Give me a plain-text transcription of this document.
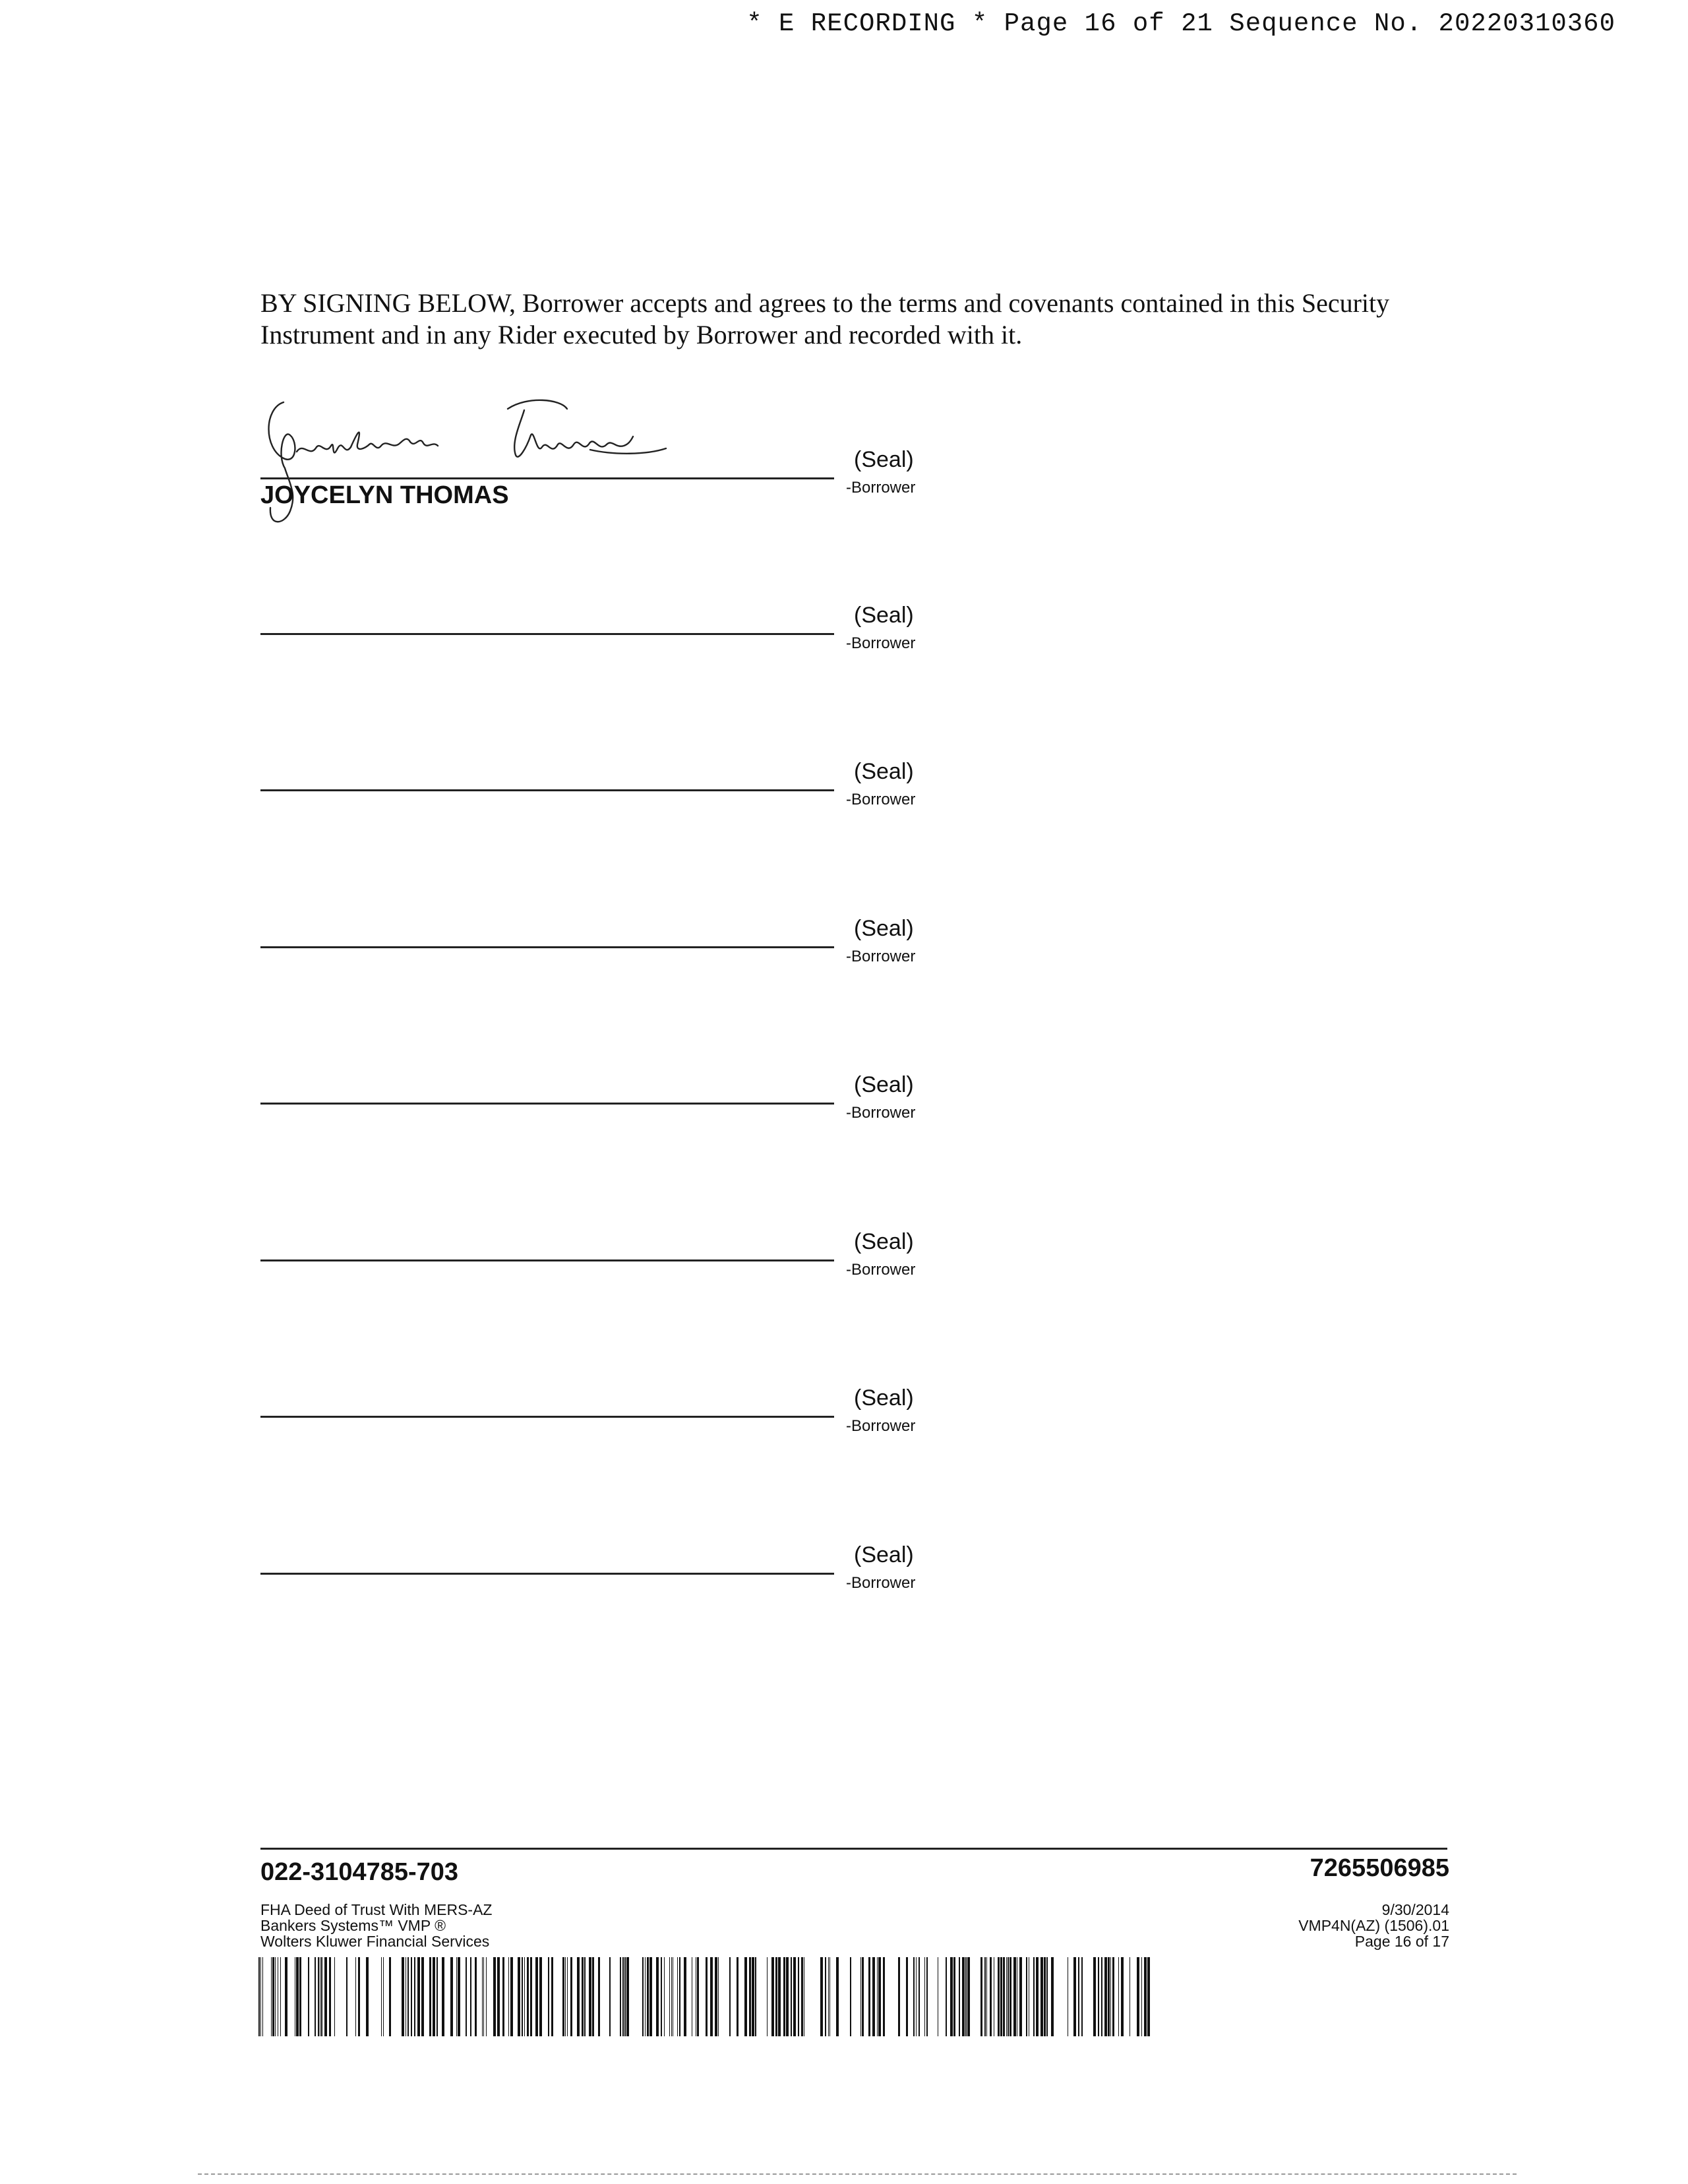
* E RECORDING * Page 16 of 21 Sequence No. 20220310360
BY SIGNING BELOW, Borrower accepts and agrees to the terms and covenants contained in this Security Instrument and in any Rider executed by Borrower and recorded with it.
(Seal)
-Borrower
JOYCELYN THOMAS
(Seal)
-Borrower
(Seal)
-Borrower
(Seal)
-Borrower
(Seal)
-Borrower
(Seal)
-Borrower
(Seal)
-Borrower
(Seal)
-Borrower
022-3104785-703	7265506985
FHA Deed of Trust With MERS-AZ
Bankers Systems™ VMP ®
Wolters Kluwer Financial Services
9/30/2014
VMP4N(AZ) (1506).01
Page 16 of 17
